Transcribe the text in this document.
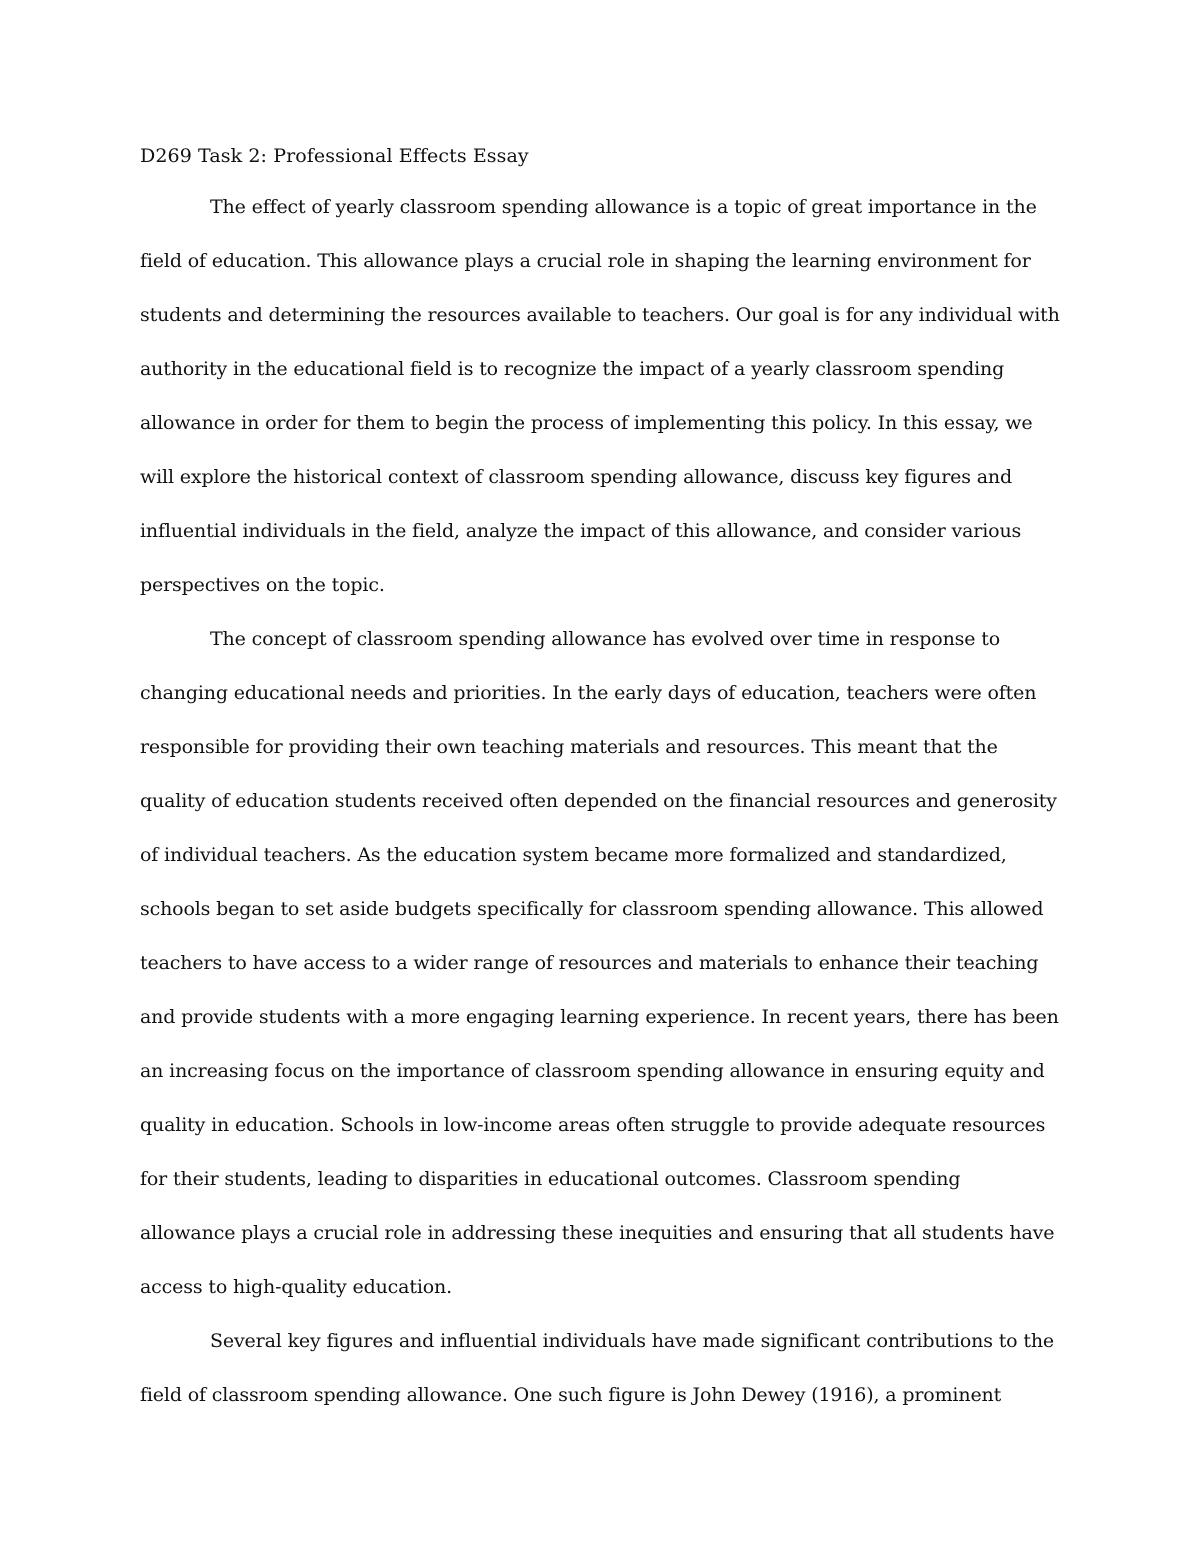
D269 Task 2: Professional Effects Essay

The effect of yearly classroom spending allowance is a topic of great importance in the field of education. This allowance plays a crucial role in shaping the learning environment for students and determining the resources available to teachers. Our goal is for any individual with authority in the educational field is to recognize the impact of a yearly classroom spending allowance in order for them to begin the process of implementing this policy. In this essay, we will explore the historical context of classroom spending allowance, discuss key figures and influential individuals in the field, analyze the impact of this allowance, and consider various perspectives on the topic.

The concept of classroom spending allowance has evolved over time in response to changing educational needs and priorities. In the early days of education, teachers were often responsible for providing their own teaching materials and resources. This meant that the quality of education students received often depended on the financial resources and generosity of individual teachers. As the education system became more formalized and standardized, schools began to set aside budgets specifically for classroom spending allowance. This allowed teachers to have access to a wider range of resources and materials to enhance their teaching and provide students with a more engaging learning experience. In recent years, there has been an increasing focus on the importance of classroom spending allowance in ensuring equity and quality in education. Schools in low-income areas often struggle to provide adequate resources for their students, leading to disparities in educational outcomes. Classroom spending allowance plays a crucial role in addressing these inequities and ensuring that all students have access to high-quality education.

Several key figures and influential individuals have made significant contributions to the field of classroom spending allowance. One such figure is John Dewey (1916), a prominent
